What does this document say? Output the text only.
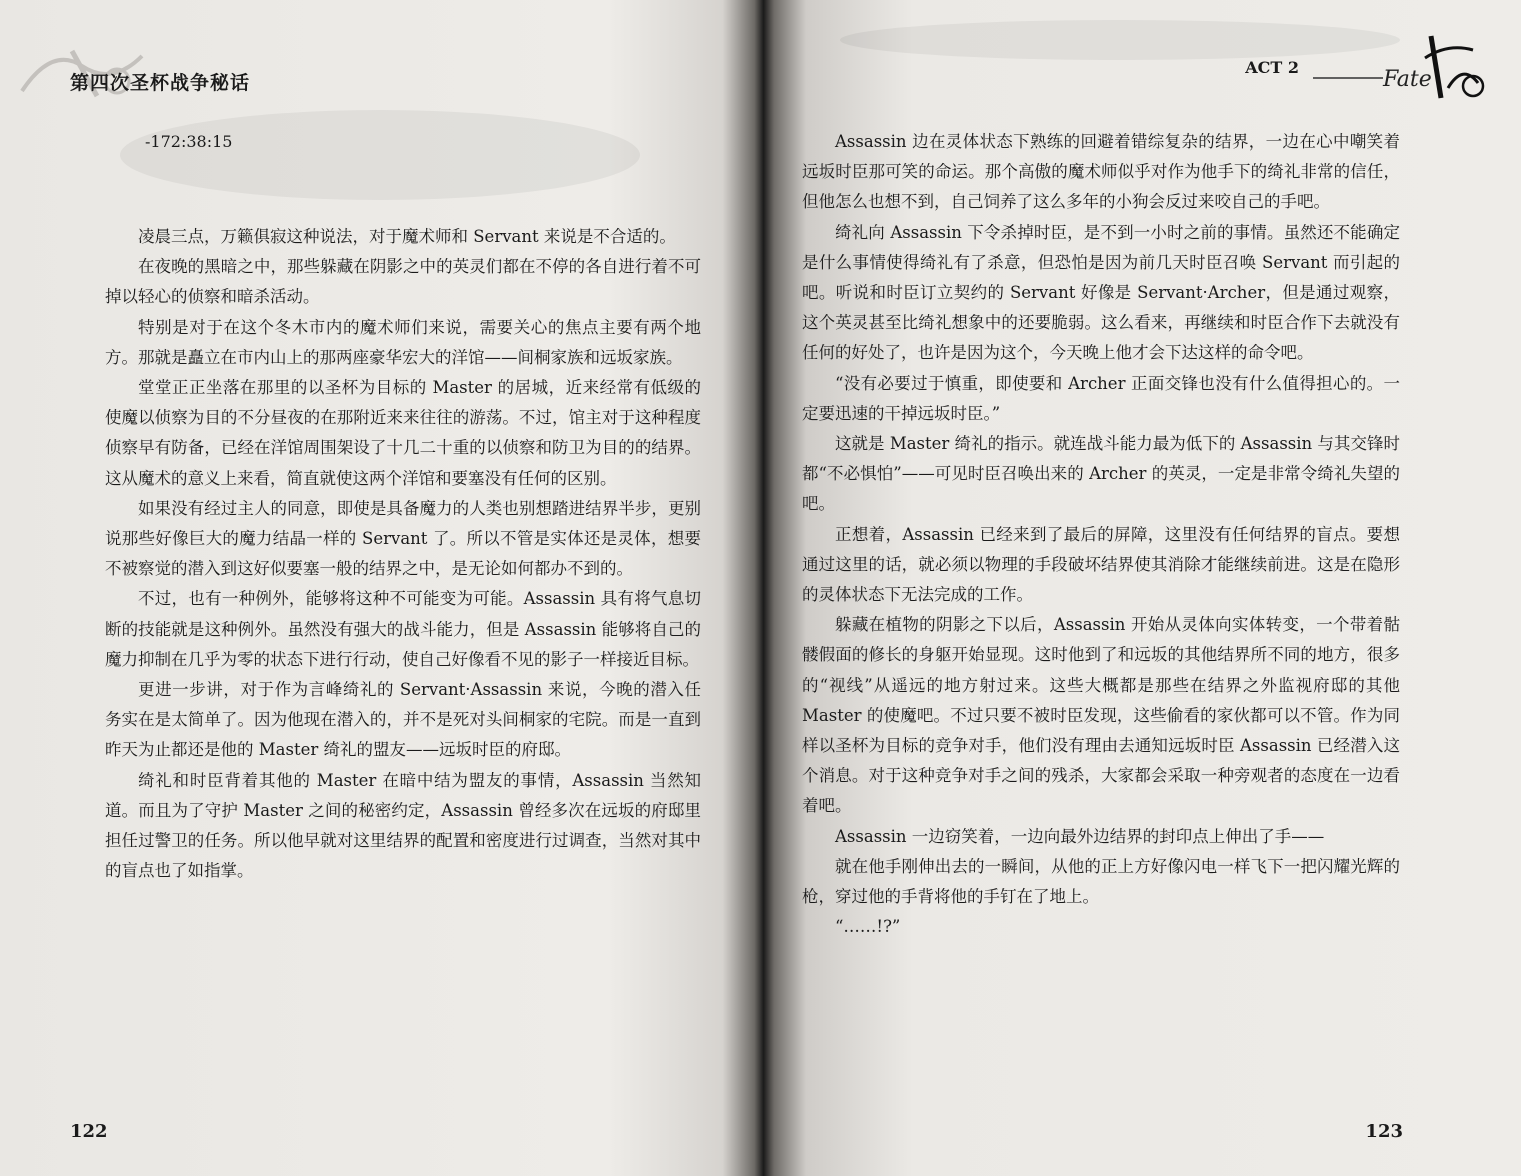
第四次圣杯战争秘话
-172:38:15

凌晨三点，万籁俱寂这种说法，对于魔术师和 Servant 来说是不合适的。

在夜晚的黑暗之中，那些躲藏在阴影之中的英灵们都在不停的各自进行着不可掉以轻心的侦察和暗杀活动。

特别是对于在这个冬木市内的魔术师们来说，需要关心的焦点主要有两个地方。那就是矗立在市内山上的那两座豪华宏大的洋馆——间桐家族和远坂家族。

堂堂正正坐落在那里的以圣杯为目标的 Master 的居城，近来经常有低级的使魔以侦察为目的不分昼夜的在那附近来来往往的游荡。不过，馆主对于这种程度侦察早有防备，已经在洋馆周围架设了十几二十重的以侦察和防卫为目的的结界。这从魔术的意义上来看，简直就使这两个洋馆和要塞没有任何的区别。

如果没有经过主人的同意，即使是具备魔力的人类也别想踏进结界半步，更别说那些好像巨大的魔力结晶一样的 Servant 了。所以不管是实体还是灵体，想要不被察觉的潜入到这好似要塞一般的结界之中，是无论如何都办不到的。

不过，也有一种例外，能够将这种不可能变为可能。Assassin 具有将气息切断的技能就是这种例外。虽然没有强大的战斗能力，但是 Assassin 能够将自己的魔力抑制在几乎为零的状态下进行行动，使自己好像看不见的影子一样接近目标。

更进一步讲，对于作为言峰绮礼的 Servant·Assassin 来说，今晚的潜入任务实在是太简单了。因为他现在潜入的，并不是死对头间桐家的宅院。而是一直到昨天为止都还是他的 Master 绮礼的盟友——远坂时臣的府邸。

绮礼和时臣背着其他的 Master 在暗中结为盟友的事情，Assassin 当然知道。而且为了守护 Master 之间的秘密约定，Assassin 曾经多次在远坂的府邸里担任过警卫的任务。所以他早就对这里结界的配置和密度进行过调查，当然对其中的盲点也了如指掌。

122
ACT 2	Fate

Assassin 边在灵体状态下熟练的回避着错综复杂的结界，一边在心中嘲笑着远坂时臣那可笑的命运。那个高傲的魔术师似乎对作为他手下的绮礼非常的信任，但他怎么也想不到，自己饲养了这么多年的小狗会反过来咬自己的手吧。

绮礼向 Assassin 下令杀掉时臣，是不到一小时之前的事情。虽然还不能确定是什么事情使得绮礼有了杀意，但恐怕是因为前几天时臣召唤 Servant 而引起的吧。听说和时臣订立契约的 Servant 好像是 Servant·Archer，但是通过观察，这个英灵甚至比绮礼想象中的还要脆弱。这么看来，再继续和时臣合作下去就没有任何的好处了，也许是因为这个，今天晚上他才会下达这样的命令吧。

“没有必要过于慎重，即使要和 Archer 正面交锋也没有什么值得担心的。一定要迅速的干掉远坂时臣。”

这就是 Master 绮礼的指示。就连战斗能力最为低下的 Assassin 与其交锋时都“不必惧怕”——可见时臣召唤出来的 Archer 的英灵，一定是非常令绮礼失望的吧。

正想着，Assassin 已经来到了最后的屏障，这里没有任何结界的盲点。要想通过这里的话，就必须以物理的手段破坏结界使其消除才能继续前进。这是在隐形的灵体状态下无法完成的工作。

躲藏在植物的阴影之下以后，Assassin 开始从灵体向实体转变，一个带着骷髅假面的修长的身躯开始显现。这时他到了和远坂的其他结界所不同的地方，很多的“视线”从遥远的地方射过来。这些大概都是那些在结界之外监视府邸的其他 Master 的使魔吧。不过只要不被时臣发现，这些偷看的家伙都可以不管。作为同样以圣杯为目标的竞争对手，他们没有理由去通知远坂时臣 Assassin 已经潜入这个消息。对于这种竞争对手之间的残杀，大家都会采取一种旁观者的态度在一边看着吧。

Assassin 一边窃笑着，一边向最外边结界的封印点上伸出了手——

就在他手刚伸出去的一瞬间，从他的正上方好像闪电一样飞下一把闪耀光辉的枪，穿过他的手背将他的手钉在了地上。

“……!?”

123
